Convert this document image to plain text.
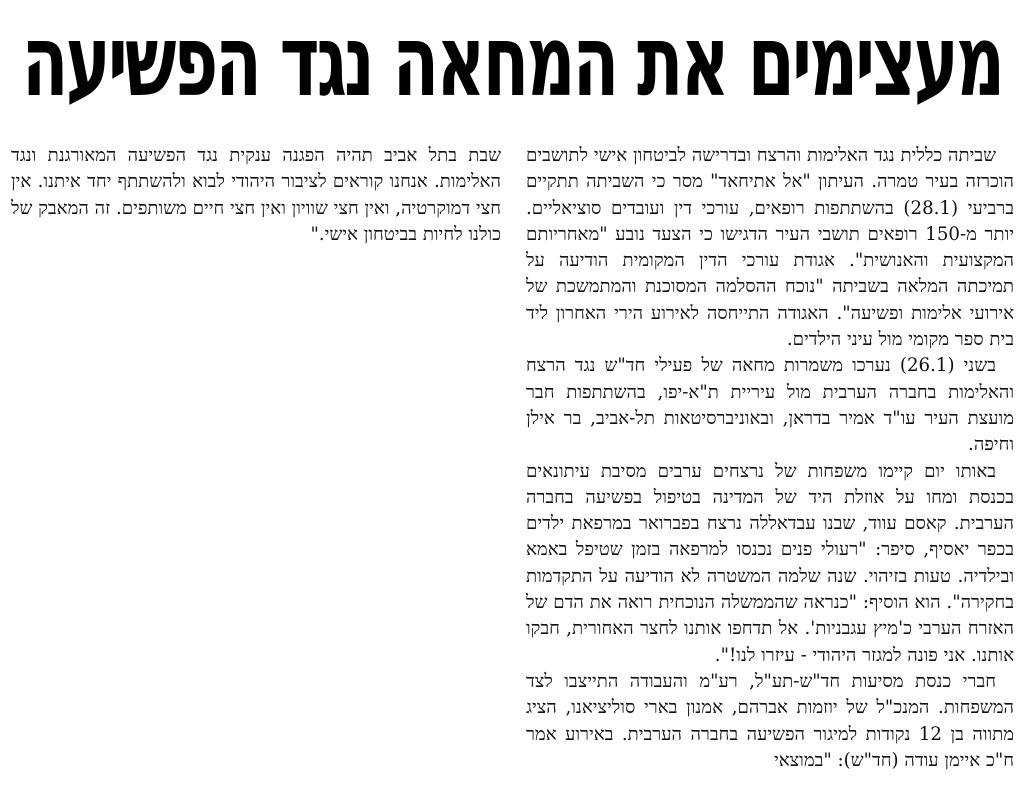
מעצימים את המחאה נגד הפשיעה

שביתה כללית נגד האלימות והרצח ובדרישה לביטחון אישי לתושבים הוכרזה בעיר טמרה. העיתון "אל אתיחאד" מסר כי השביתה תתקיים ברביעי (28.1) בהשתתפות רופאים, עורכי דין ועובדים סוציאליים. יותר מ-150 רופאים תושבי העיר הדגישו כי הצעד נובע "מאחריותם המקצועית והאנושית". אגודת עורכי הדין המקומית הודיעה על תמיכתה המלאה בשביתה "נוכח ההסלמה המסוכנת והמתמשכת של אירועי אלימות ופשיעה". האגודה התייחסה לאירוע הירי האחרון ליד בית ספר מקומי מול עיני הילדים.

בשני (26.1) נערכו משמרות מחאה של פעילי חד"ש נגד הרצח והאלימות בחברה הערבית מול עיריית ת"א-יפו, בהשתתפות חבר מועצת העיר עו"ד אמיר בדראן, ובאוניברסיטאות תל-אביב, בר אילן וחיפה.

באותו יום קיימו משפחות של נרצחים ערבים מסיבת עיתונאים בכנסת ומחו על אוזלת היד של המדינה בטיפול בפשיעה בחברה הערבית. קאסם עווד, שבנו עבדאללה נרצח בפברואר במרפאת ילדים בכפר יאסיף, סיפר: "רעולי פנים נכנסו למרפאה בזמן שטיפל באמא ובילדיה. טעות בזיהוי. שנה שלמה המשטרה לא הודיעה על התקדמות בחקירה". הוא הוסיף: "כנראה שהממשלה הנוכחית רואה את הדם של האזרח הערבי כ'מיץ עגבניות'. אל תדחפו אותנו לחצר האחורית, חבקו אותנו. אני פונה למגזר היהודי - עיזרו לנו!".

חברי כנסת מסיעות חד"ש-תע"ל, רע"מ והעבודה התייצבו לצד המשפחות. המנכ"ל של יוזמות אברהם, אמנון בארי סוליציאנו, הציג מתווה בן 12 נקודות למיגור הפשיעה בחברה הערבית. באירוע אמר ח"כ איימן עודה (חד"ש): "במוצאי

שבת בתל אביב תהיה הפגנה ענקית נגד הפשיעה המאורגנת ונגד האלימות. אנחנו קוראים לציבור היהודי לבוא ולהשתתף יחד איתנו. אין חצי דמוקרטיה, ואין חצי שוויון ואין חצי חיים משותפים. זה המאבק של כולנו לחיות בביטחון אישי."
